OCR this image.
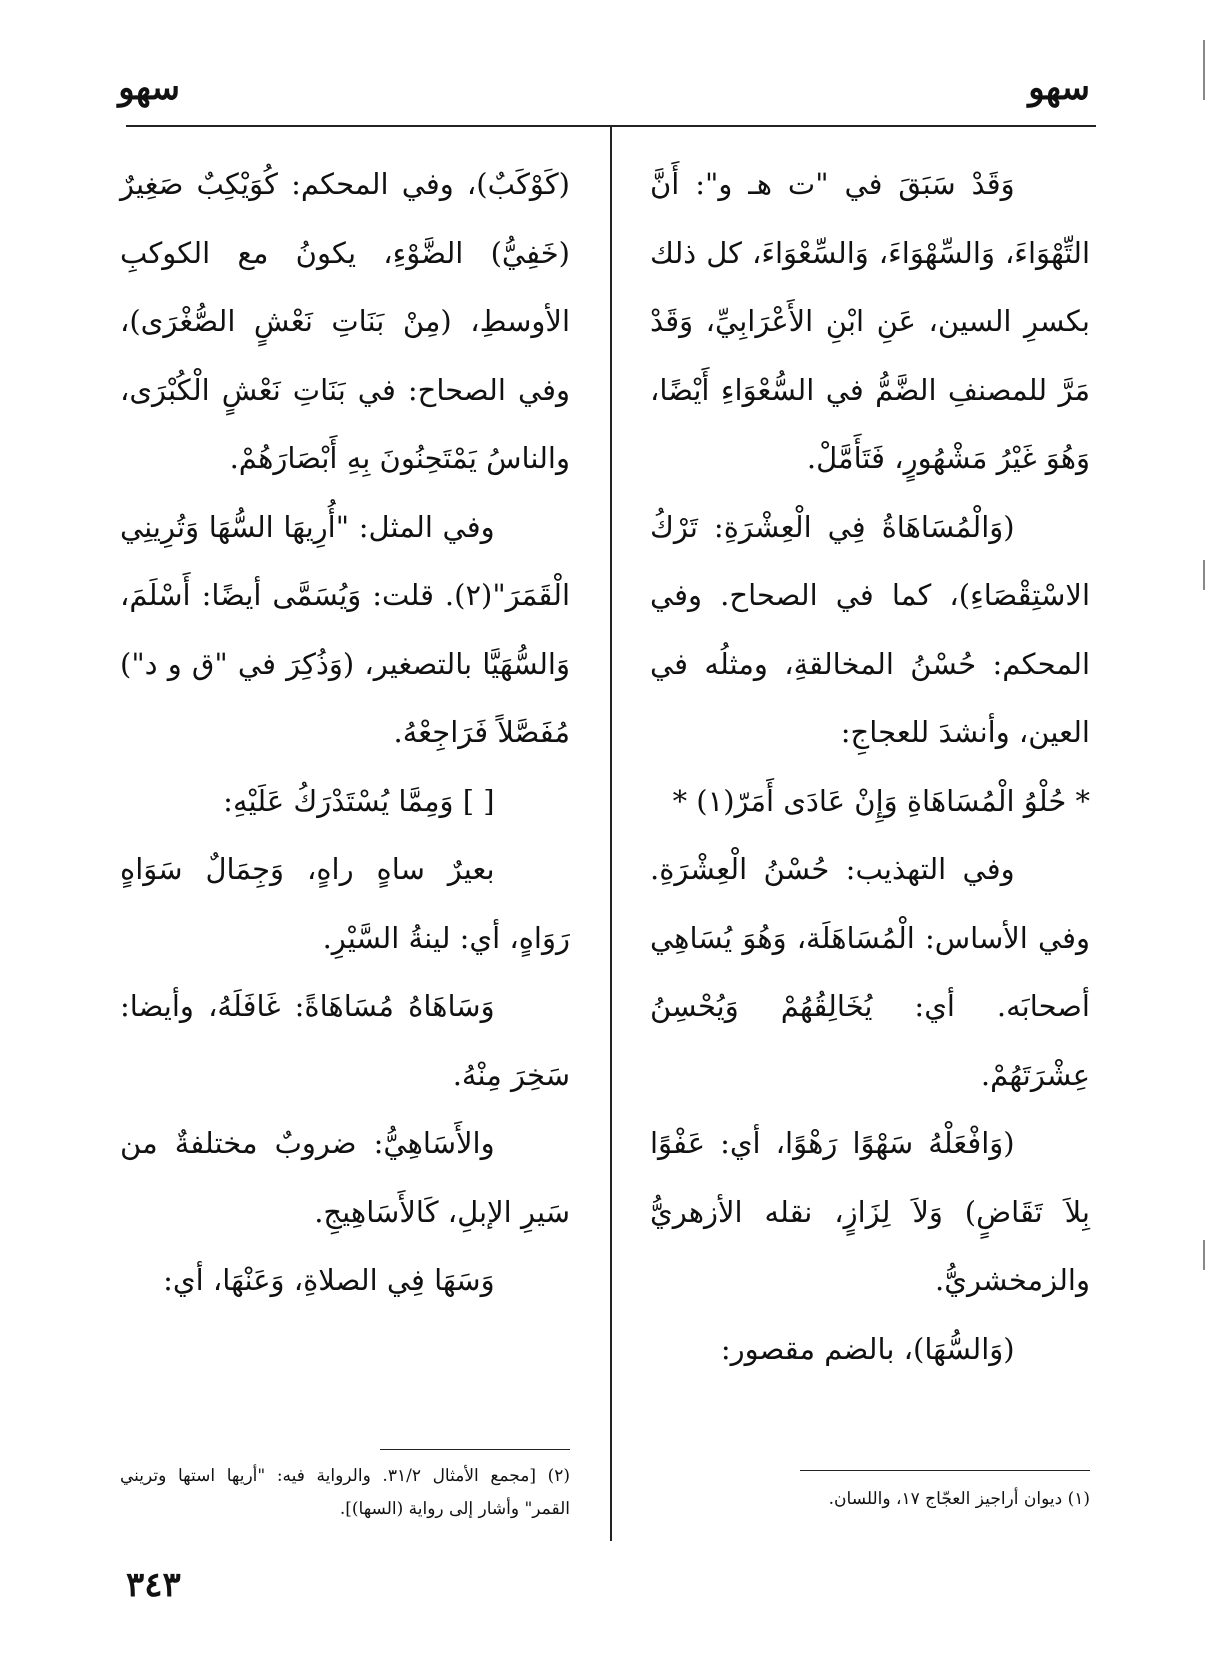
سهو
سهو

وَقَدْ سَبَقَ في "ت هـ و": أَنَّ التِّهْوَاءَ، وَالسِّهْوَاءَ، وَالسِّعْوَاءَ، كل ذلك بكسرِ السين، عَنِ ابْنِ الأَعْرَابِيِّ، وَقَدْ مَرَّ للمصنفِ الضَّمُّ في السُّعْوَاءِ أَيْضًا، وَهُوَ غَيْرُ مَشْهُورٍ، فَتَأَمَّلْ.

(وَالْمُسَاهَاةُ فِي الْعِشْرَةِ: تَرْكُ الاسْتِقْصَاءِ)، كما في الصحاح. وفي المحكم: حُسْنُ المخالقةِ، ومثلُه في العين، وأنشدَ للعجاجِ:

* حُلْوُ الْمُسَاهَاةِ وَإِنْ عَادَى أَمَرّ(١) *

وفي التهذيب: حُسْنُ الْعِشْرَةِ. وفي الأساس: الْمُسَاهَلَة، وَهُوَ يُسَاهِي أصحابَه. أي: يُخَالِقُهُمْ وَيُحْسِنُ عِشْرَتَهُمْ.

(وَافْعَلْهُ سَهْوًا رَهْوًا، أي: عَفْوًا بِلاَ تَقَاضٍ) وَلاَ لِزَازٍ، نقله الأزهريُّ والزمخشريُّ.

(وَالسُّهَا)، بالضم مقصور:

(كَوْكَبٌ)، وفي المحكم: كُوَيْكِبٌ صَغِيرٌ (خَفِيُّ) الضَّوْءِ، يكونُ مع الكوكبِ الأوسطِ، (مِنْ بَنَاتِ نَعْشٍ الصُّغْرَى)، وفي الصحاح: في بَنَاتِ نَعْشٍ الْكُبْرَى، والناسُ يَمْتَحِنُونَ بِهِ أَبْصَارَهُمْ.

وفي المثل: "أُرِيهَا السُّهَا وَتُرِينِي الْقَمَرَ"(٢). قلت: وَيُسَمَّى أيضًا: أَسْلَمَ، وَالسُّهَيَّا بالتصغير، (وَذُكِرَ في "ق و د") مُفَصَّلاً فَرَاجِعْهُ.

[ ] وَمِمَّا يُسْتَدْرَكُ عَلَيْهِ:

بعيرٌ ساهٍ راهٍ، وَجِمَالٌ سَوَاهٍ رَوَاهٍ، أي: لينةُ السَّيْرِ.

وَسَاهَاهُ مُسَاهَاةً: غَافَلَهُ، وأيضا: سَخِرَ مِنْهُ.

والأَسَاهِيُّ: ضروبٌ مختلفةٌ من سَيرِ الإبلِ، كَالأَسَاهِيجِ.

وَسَهَا فِي الصلاةِ، وَعَنْهَا، أي:

(٢) [مجمع الأمثال ٣١/٢. والرواية فيه: "أريها استها وتريني القمر" وأشار إلى رواية (السها)].	(١) ديوان أراجيز العجّاج ١٧، واللسان.
٣٤٣
